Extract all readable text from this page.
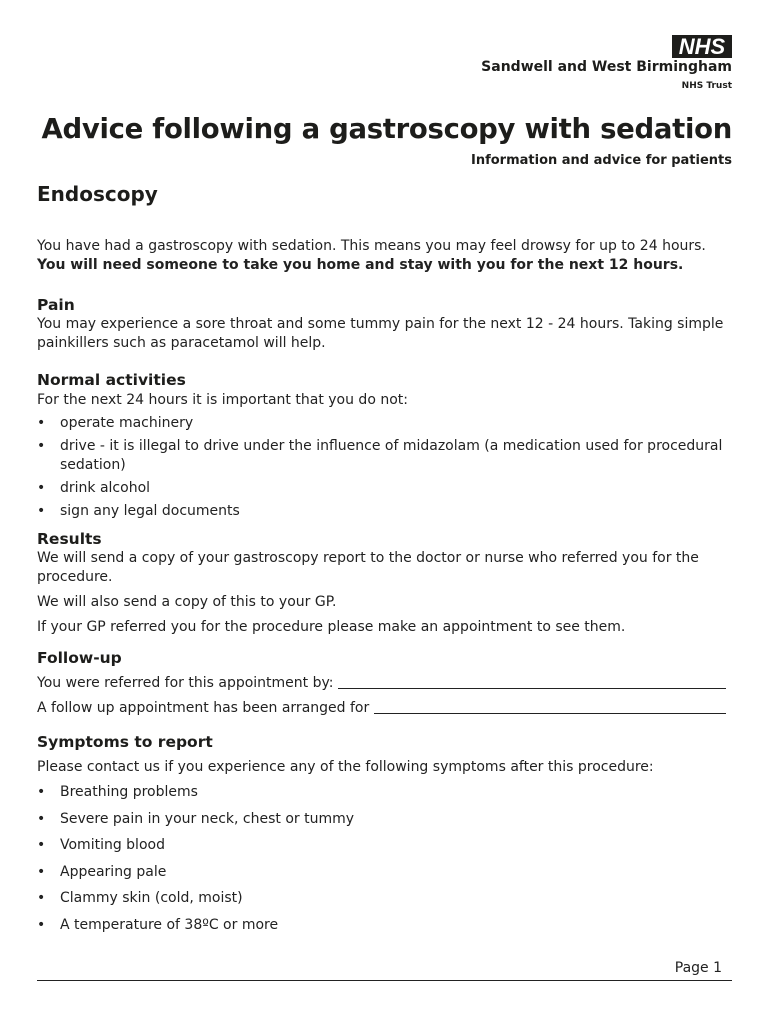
NHS
Sandwell and West Birmingham
NHS Trust
Advice following a gastroscopy with sedation
Information and advice for patients
Endoscopy

You have had a gastroscopy with sedation. This means you may feel drowsy for up to 24 hours.

You will need someone to take you home and stay with you for the next 12 hours.

Pain

You may experience a sore throat and some tummy pain for the next 12 - 24 hours. Taking simple painkillers such as paracetamol will help.

Normal activities

For the next 24 hours it is important that you do not:

• operate machinery
• drive - it is illegal to drive under the influence of midazolam (a medication used for procedural sedation)
• drink alcohol
• sign any legal documents
Results

We will send a copy of your gastroscopy report to the doctor or nurse who referred you for the procedure.

We will also send a copy of this to your GP.

If your GP referred you for the procedure please make an appointment to see them.

Follow-up
You were referred for this appointment by:
A follow up appointment has been arranged for
Symptoms to report

Please contact us if you experience any of the following symptoms after this procedure:

• Breathing problems
• Severe pain in your neck, chest or tummy
• Vomiting blood
• Appearing pale
• Clammy skin (cold, moist)
• A temperature of 38ºC or more
Page 1
